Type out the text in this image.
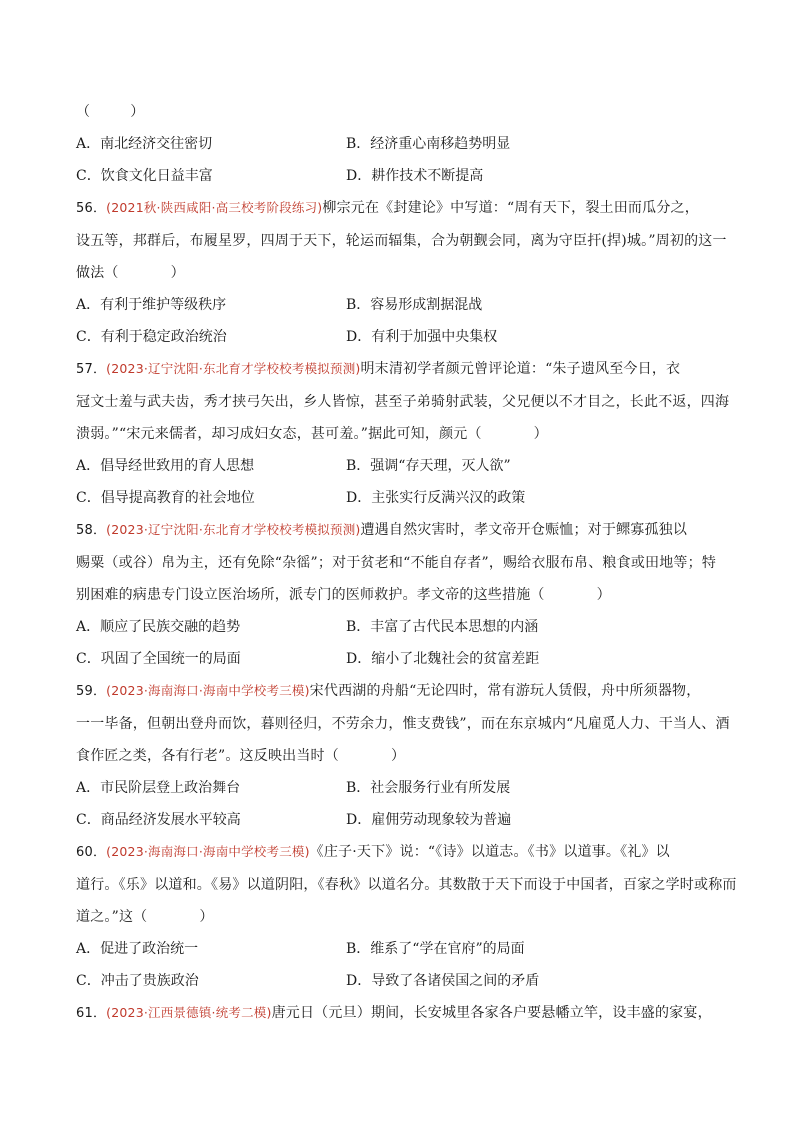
（	）
A．南北经济交往密切	B．经济重心南移趋势明显
C．饮食文化日益丰富	D．耕作技术不断提高
56．(2021秋·陕西咸阳·高三校考阶段练习)柳宗元在《封建论》中写道：“周有天下，裂土田而瓜分之，
设五等，邦群后，布履星罗，四周于天下，轮运而辐集，合为朝觐会同，离为守臣扞(捍)城。”周初的这一
做法（	）
A．有利于维护等级秩序	B．容易形成割据混战
C．有利于稳定政治统治	D．有利于加强中央集权
57．(2023·辽宁沈阳·东北育才学校校考模拟预测)明末清初学者颜元曾评论道：“朱子遗风至今日，衣
冠文士羞与武夫齿，秀才挟弓矢出，乡人皆惊，甚至子弟骑射武装，父兄便以不才目之，长此不返，四海
溃弱。”“宋元来儒者，却习成妇女态，甚可羞。”据此可知，颜元（	）
A．倡导经世致用的育人思想	B．强调“存天理，灭人欲”
C．倡导提高教育的社会地位	D．主张实行反满兴汉的政策
58．(2023·辽宁沈阳·东北育才学校校考模拟预测)遭遇自然灾害时，孝文帝开仓赈恤；对于鳏寡孤独以
赐粟（或谷）帛为主，还有免除“杂徭”；对于贫老和“不能自存者”，赐给衣服布帛、粮食或田地等；特
别困难的病患专门设立医治场所，派专门的医师救护。孝文帝的这些措施（	）
A．顺应了民族交融的趋势	B．丰富了古代民本思想的内涵
C．巩固了全国统一的局面	D．缩小了北魏社会的贫富差距
59．(2023·海南海口·海南中学校考三模)宋代西湖的舟船“无论四时，常有游玩人赁假，舟中所须器物，
一一毕备，但朝出登舟而饮，暮则径归，不劳余力，惟支费钱”，而在东京城内“凡雇觅人力、干当人、酒
食作匠之类，各有行老”。这反映出当时（	）
A．市民阶层登上政治舞台	B．社会服务行业有所发展
C．商品经济发展水平较高	D．雇佣劳动现象较为普遍
60．(2023·海南海口·海南中学校考三模)《庄子·天下》说：“《诗》以道志。《书》以道事。《礼》以
道行。《乐》以道和。《易》以道阴阳，《春秋》以道名分。其数散于天下而设于中国者，百家之学时或称而
道之。”这（	）
A．促进了政治统一	B．维系了“学在官府”的局面
C．冲击了贵族政治	D．导致了各诸侯国之间的矛盾
61．(2023·江西景德镇·统考二模)唐元日（元旦）期间，长安城里各家各户要悬幡立竿，设丰盛的家宴，
